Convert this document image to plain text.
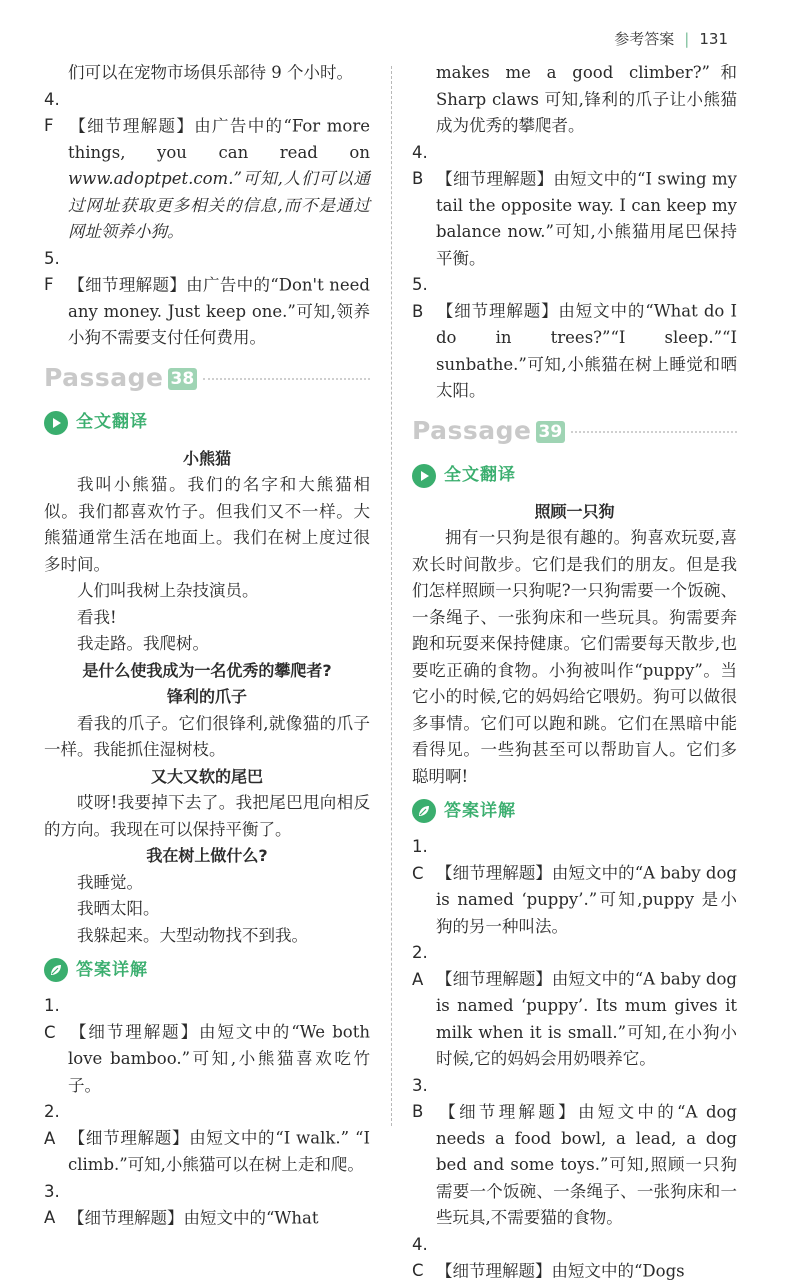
参考答案 | 131

们可以在宠物市场俱乐部待 9 个小时。

4. F 【细节理解题】由广告中的“For more things, you can read on www.adoptpet.com.”可知,人们可以通过网址获取更多相关的信息,而不是通过网址领养小狗。

5. F 【细节理解题】由广告中的“Don't need any money. Just keep one.”可知,领养小狗不需要支付任何费用。

Passage 38
全文翻译

小熊猫

我叫小熊猫。我们的名字和大熊猫相似。我们都喜欢竹子。但我们又不一样。大熊猫通常生活在地面上。我们在树上度过很多时间。

人们叫我树上杂技演员。

看我!

我走路。我爬树。

是什么使我成为一名优秀的攀爬者?

锋利的爪子

看我的爪子。它们很锋利,就像猫的爪子一样。我能抓住湿树枝。

又大又软的尾巴

哎呀!我要掉下去了。我把尾巴甩向相反的方向。我现在可以保持平衡了。

我在树上做什么?

我睡觉。

我晒太阳。

我躲起来。大型动物找不到我。

答案详解

1. C 【细节理解题】由短文中的“We both love bamboo.”可知,小熊猫喜欢吃竹子。

2. A 【细节理解题】由短文中的“I walk.” “I climb.”可知,小熊猫可以在树上走和爬。

3. A 【细节理解题】由短文中的“What

makes me a good climber?”和 Sharp claws 可知,锋利的爪子让小熊猫成为优秀的攀爬者。

4. B 【细节理解题】由短文中的“I swing my tail the opposite way. I can keep my balance now.”可知,小熊猫用尾巴保持平衡。

5. B 【细节理解题】由短文中的“What do I do in trees?”“I sleep.”“I sunbathe.”可知,小熊猫在树上睡觉和晒太阳。

Passage 39
全文翻译

照顾一只狗

拥有一只狗是很有趣的。狗喜欢玩耍,喜欢长时间散步。它们是我们的朋友。但是我们怎样照顾一只狗呢?一只狗需要一个饭碗、一条绳子、一张狗床和一些玩具。狗需要奔跑和玩耍来保持健康。它们需要每天散步,也要吃正确的食物。小狗被叫作“puppy”。当它小的时候,它的妈妈给它喂奶。狗可以做很多事情。它们可以跑和跳。它们在黑暗中能看得见。一些狗甚至可以帮助盲人。它们多聪明啊!

答案详解

1. C 【细节理解题】由短文中的“A baby dog is named ‘puppy’.”可知,puppy 是小狗的另一种叫法。

2. A 【细节理解题】由短文中的“A baby dog is named ‘puppy’. Its mum gives it milk when it is small.”可知,在小狗小时候,它的妈妈会用奶喂养它。

3. B 【细节理解题】由短文中的“A dog needs a food bowl, a lead, a dog bed and some toys.”可知,照顾一只狗需要一个饭碗、一条绳子、一张狗床和一些玩具,不需要猫的食物。

4. C 【细节理解题】由短文中的“Dogs
